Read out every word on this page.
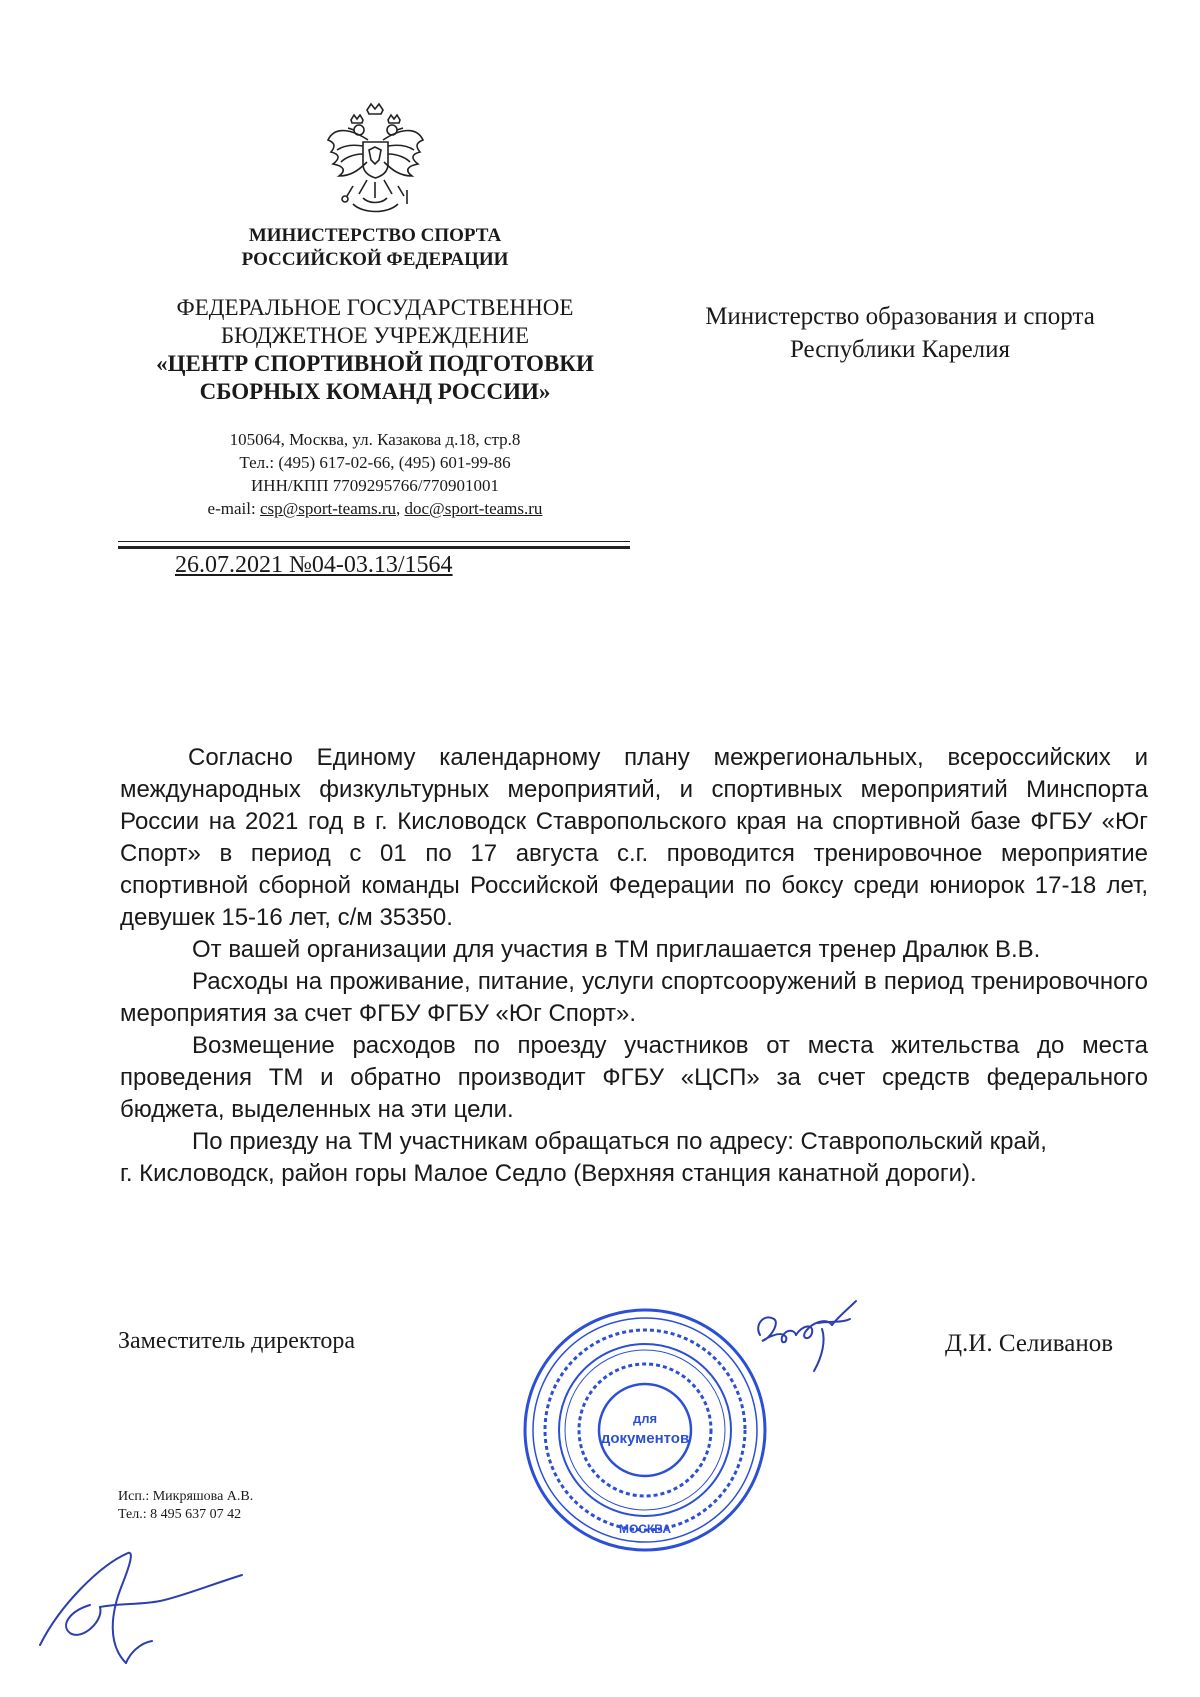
МИНИСТЕРСТВО СПОРТА
РОССИЙСКОЙ ФЕДЕРАЦИИ
ФЕДЕРАЛЬНОЕ ГОСУДАРСТВЕННОЕ
БЮДЖЕТНОЕ УЧРЕЖДЕНИЕ
«ЦЕНТР СПОРТИВНОЙ ПОДГОТОВКИ
СБОРНЫХ КОМАНД РОССИИ»
105064, Москва, ул. Казакова д.18, стр.8
Тел.: (495) 617-02-66, (495) 601-99-86
ИНН/КПП 7709295766/770901001
e-mail: csp@sport-teams.ru, doc@sport-teams.ru
26.07.2021 №04-03.13/1564
Министерство образования и спорта
Республики Карелия

Согласно Единому календарному плану межрегиональных, всероссийских и международных физкультурных мероприятий, и спортивных мероприятий Минспорта России на 2021 год в г. Кисловодск Ставропольского края на спортивной базе ФГБУ «Юг Спорт» в период с 01 по 17 августа с.г. проводится тренировочное мероприятие спортивной сборной команды Российской Федерации по боксу среди юниорок 17-18 лет, девушек 15-16 лет, с/м 35350.

От вашей организации для участия в ТМ приглашается тренер Дралюк В.В.

Расходы на проживание, питание, услуги спортсооружений в период тренировочного мероприятия за счет ФГБУ ФГБУ «Юг Спорт».

Возмещение расходов по проезду участников от места жительства до места проведения ТМ и обратно производит ФГБУ «ЦСП» за счет средств федерального бюджета, выделенных на эти цели.

По приезду на ТМ участникам обращаться по адресу: Ставропольский край,

г. Кисловодск, район горы Малое Седло (Верхняя станция канатной дороги).

Заместитель директора	Д.И. Селиванов
для
документов
МОСКВА
Исп.: Микряшова А.В.
Тел.: 8 495 637 07 42
